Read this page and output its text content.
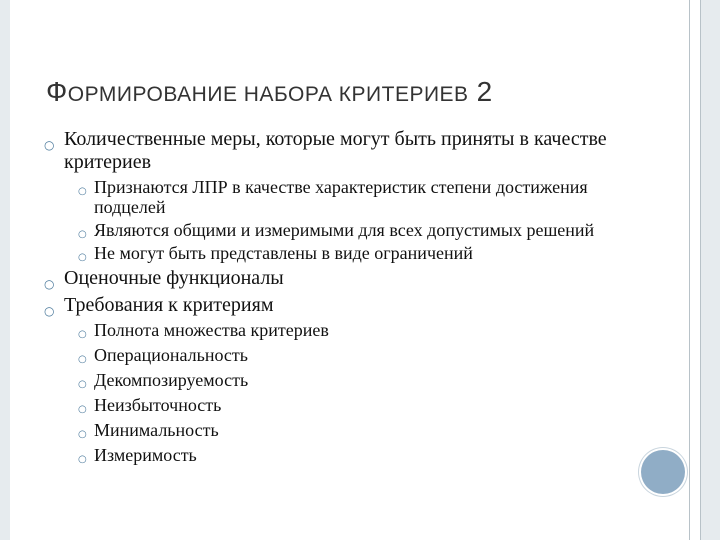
ФОРМИРОВАНИЕ НАБОРА КРИТЕРИЕВ 2
○ Количественные меры, которые могут быть приняты в качестве критериев
○ Признаются ЛПР в качестве характеристик степени достижения подцелей
○ Являются общими и измеримыми для всех допустимых решений
○ Не могут быть представлены в виде ограничений
○ Оценочные функционалы
○ Требования к критериям
○ Полнота множества критериев
○ Операциональность
○ Декомпозируемость
○ Неизбыточность
○ Минимальность
○ Измеримость
